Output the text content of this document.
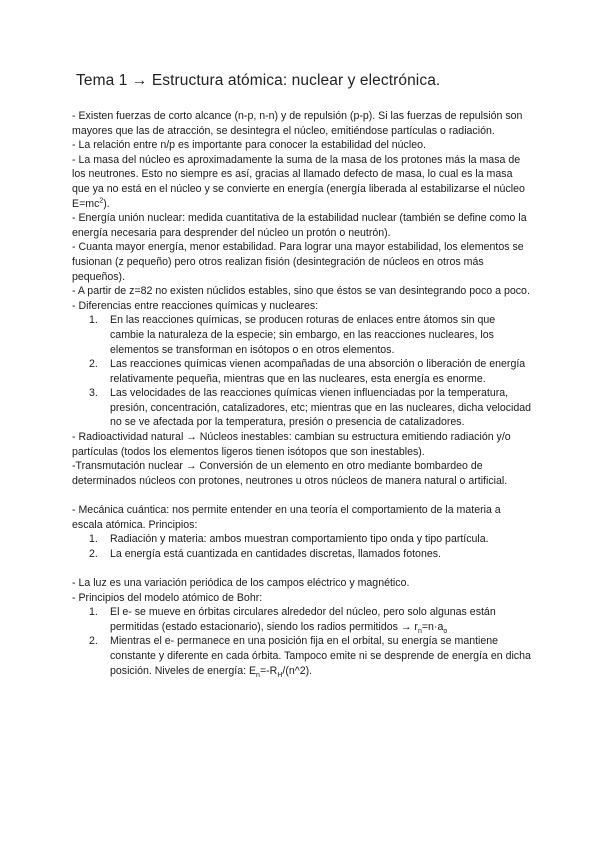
Tema 1 → Estructura atómica: nuclear y electrónica.

- Existen fuerzas de corto alcance (n-p, n-n) y de repulsión (p-p). Si las fuerzas de repulsión son mayores que las de atracción, se desintegra el núcleo, emitiéndose partículas o radiación.

- La relación entre n/p es importante para conocer la estabilidad del núcleo.

- La masa del núcleo es aproximadamente la suma de la masa de los protones más la masa de los neutrones. Esto no siempre es así, gracias al llamado defecto de masa, lo cual es la masa que ya no está en el núcleo y se convierte en energía (energía liberada al estabilizarse el núcleo $E=mc^2$).

- Energía unión nuclear: medida cuantitativa de la estabilidad nuclear (también se define como la energía necesaria para desprender del núcleo un protón o neutrón).

- Cuanta mayor energía, menor estabilidad. Para lograr una mayor estabilidad, los elementos se fusionan (z pequeño) pero otros realizan fisión (desintegración de núcleos en otros más pequeños).

- A partir de z=82 no existen núclidos estables, sino que éstos se van desintegrando poco a poco.

- Diferencias entre reacciones químicas y nucleares:

1. En las reacciones químicas, se producen roturas de enlaces entre átomos sin que cambie la naturaleza de la especie; sin embargo, en las reacciones nucleares, los elementos se transforman en isótopos o en otros elementos.
2. Las reacciones químicas vienen acompañadas de una absorción o liberación de energía relativamente pequeña, mientras que en las nucleares, esta energía es enorme.
3. Las velocidades de las reacciones químicas vienen influenciadas por la temperatura, presión, concentración, catalizadores, etc; mientras que en las nucleares, dicha velocidad no se ve afectada por la temperatura, presión o presencia de catalizadores.

- Radioactividad natural → Núcleos inestables: cambian su estructura emitiendo radiación y/o partículas (todos los elementos ligeros tienen isótopos que son inestables).

-Transmutación nuclear → Conversión de un elemento en otro mediante bombardeo de determinados núcleos con protones, neutrones u otros núcleos de manera natural o artificial.

- Mecánica cuántica: nos permite entender en una teoría el comportamiento de la materia a escala atómica. Principios:

1. Radiación y materia: ambos muestran comportamiento tipo onda y tipo partícula.
2. La energía está cuantizada en cantidades discretas, llamados fotones.

- La luz es una variación periódica de los campos eléctrico y magnético.

- Principios del modelo atómico de Bohr:

1. El e- se mueve en órbitas circulares alrededor del núcleo, pero solo algunas están permitidas (estado estacionario), siendo los radios permitidos → $r_n=n\cdot a_o$
2. Mientras el e- permanece en una posición fija en el orbital, su energía se mantiene constante y diferente en cada órbita. Tampoco emite ni se desprende de energía en dicha posición. Niveles de energía: $E_n=-R_H/(n\^{}2)$.
